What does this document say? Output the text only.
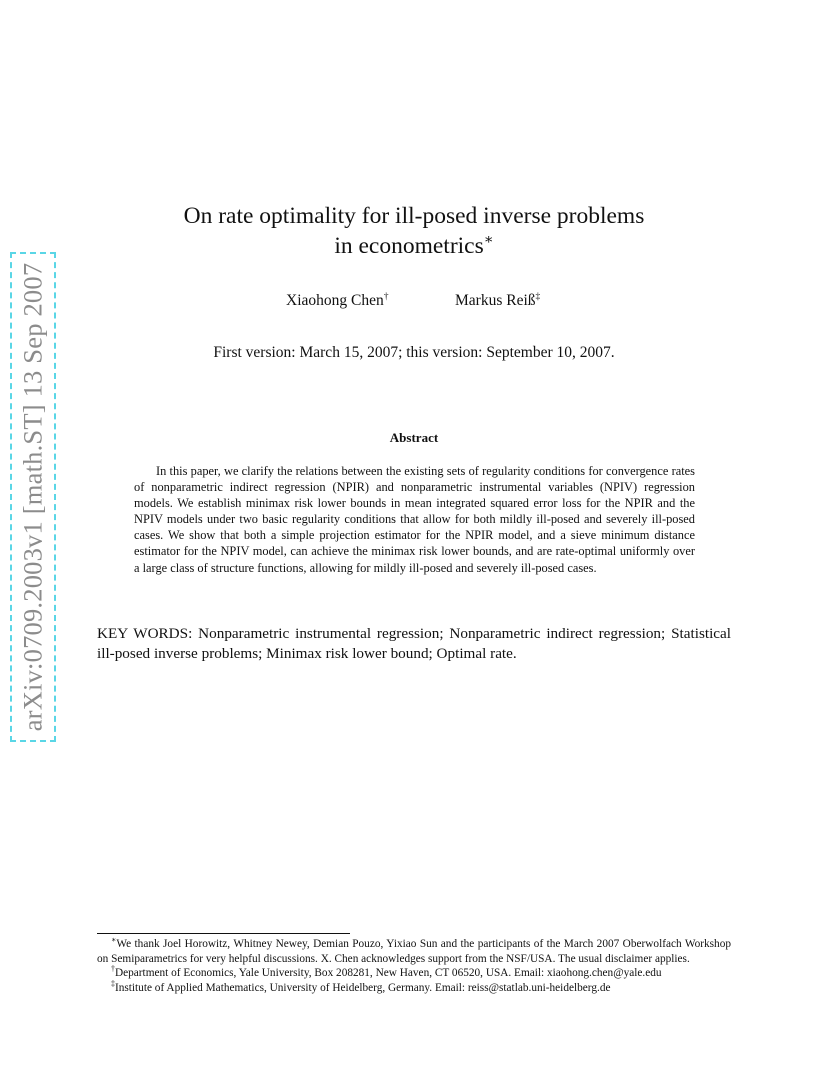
arXiv:0709.2003v1 [math.ST] 13 Sep 2007
On rate optimality for ill-posed inverse problems
in econometrics∗
Xiaohong Chen†	Markus Reiß‡
First version: March 15, 2007; this version: September 10, 2007.
Abstract
In this paper, we clarify the relations between the existing sets of regularity conditions for convergence rates of nonparametric indirect regression (NPIR) and nonparametric instrumental variables (NPIV) regression models. We establish minimax risk lower bounds in mean integrated squared error loss for the NPIR and the NPIV models under two basic regularity conditions that allow for both mildly ill-posed and severely ill-posed cases. We show that both a simple projection estimator for the NPIR model, and a sieve minimum distance estimator for the NPIV model, can achieve the minimax risk lower bounds, and are rate-optimal uniformly over a large class of structure functions, allowing for mildly ill-posed and severely ill-posed cases.
KEY WORDS: Nonparametric instrumental regression; Nonparametric indirect regression; Statistical ill-posed inverse problems; Minimax risk lower bound; Optimal rate.

∗We thank Joel Horowitz, Whitney Newey, Demian Pouzo, Yixiao Sun and the participants of the March 2007 Oberwolfach Workshop on Semiparametrics for very helpful discussions. X. Chen acknowledges support from the NSF/USA. The usual disclaimer applies.

†Department of Economics, Yale University, Box 208281, New Haven, CT 06520, USA. Email: xiaohong.chen@yale.edu

‡Institute of Applied Mathematics, University of Heidelberg, Germany. Email: reiss@statlab.uni-heidelberg.de
